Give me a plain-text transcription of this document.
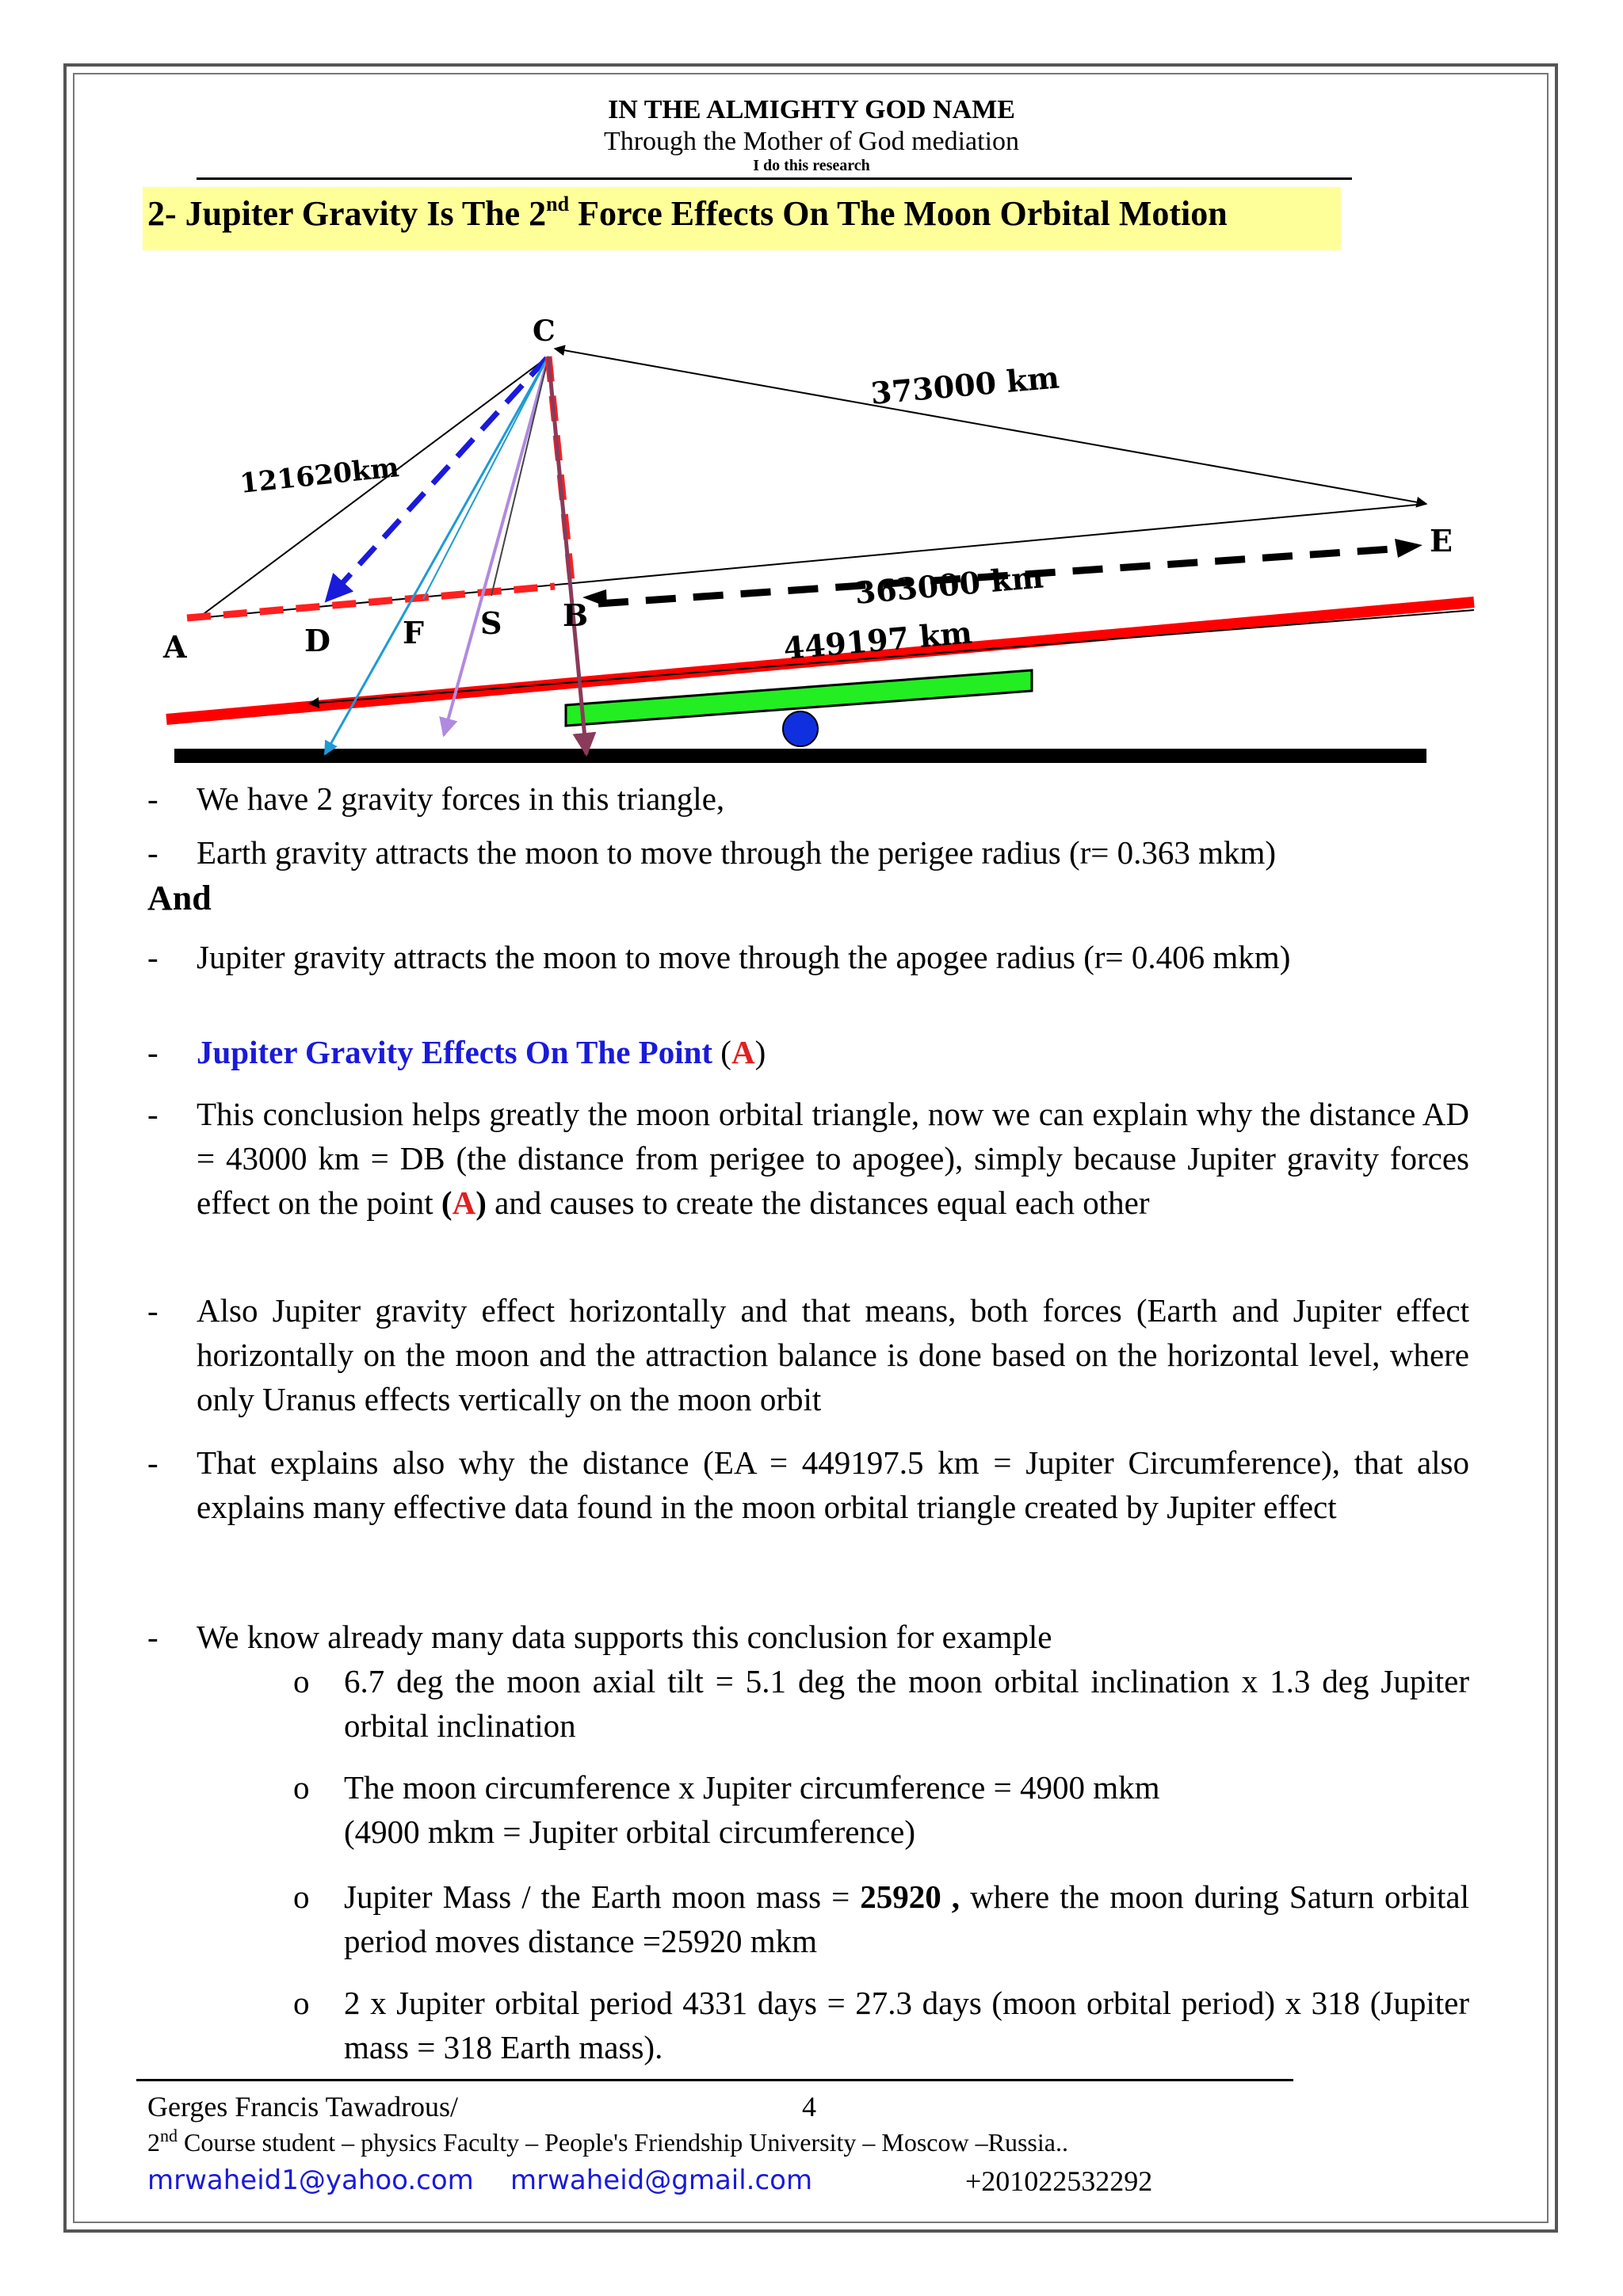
IN THE ALMIGHTY GOD NAME
Through the Mother of God mediation
I do this research
2- Jupiter Gravity Is The 2nd Force Effects On The Moon Orbital Motion
C
A	D F S B
E
373000 km
121620km
363000 km
449197 km
-	We have 2 gravity forces in this triangle,
-	Earth gravity attracts the moon to move through the perigee radius (r= 0.363 mkm)
And
-	Jupiter gravity attracts the moon to move through the apogee radius (r= 0.406 mkm)
-	Jupiter Gravity Effects On The Point (A)
-	This conclusion helps greatly the moon orbital triangle, now we can explain why the distance AD = 43000 km = DB (the distance from perigee to apogee), simply because Jupiter gravity forces effect on the point (A) and causes to create the distances equal each other
-	Also Jupiter gravity effect horizontally and that means, both forces (Earth and Jupiter effect horizontally on the moon and the attraction balance is done based on the horizontal level, where only Uranus effects vertically on the moon orbit
-	That explains also why the distance (EA = 449197.5 km = Jupiter Circumference), that also explains many effective data found in the moon orbital triangle created by Jupiter effect
-	We know already many data supports this conclusion for example
o 6.7 deg the moon axial tilt = 5.1 deg the moon orbital inclination x 1.3 deg Jupiter orbital inclination
o The moon circumference x Jupiter circumference = 4900 mkm
(4900 mkm = Jupiter orbital circumference)
o Jupiter Mass / the Earth moon mass = 25920 , where the moon during Saturn orbital period moves distance =25920 mkm
o 2 x Jupiter orbital period 4331 days = 27.3 days (moon orbital period) x 318 (Jupiter mass = 318 Earth mass).
Gerges Francis Tawadrous/	4
2nd Course student – physics Faculty – People's Friendship University – Moscow –Russia..
mrwaheid1@yahoo.com mrwaheid@gmail.com	+201022532292
